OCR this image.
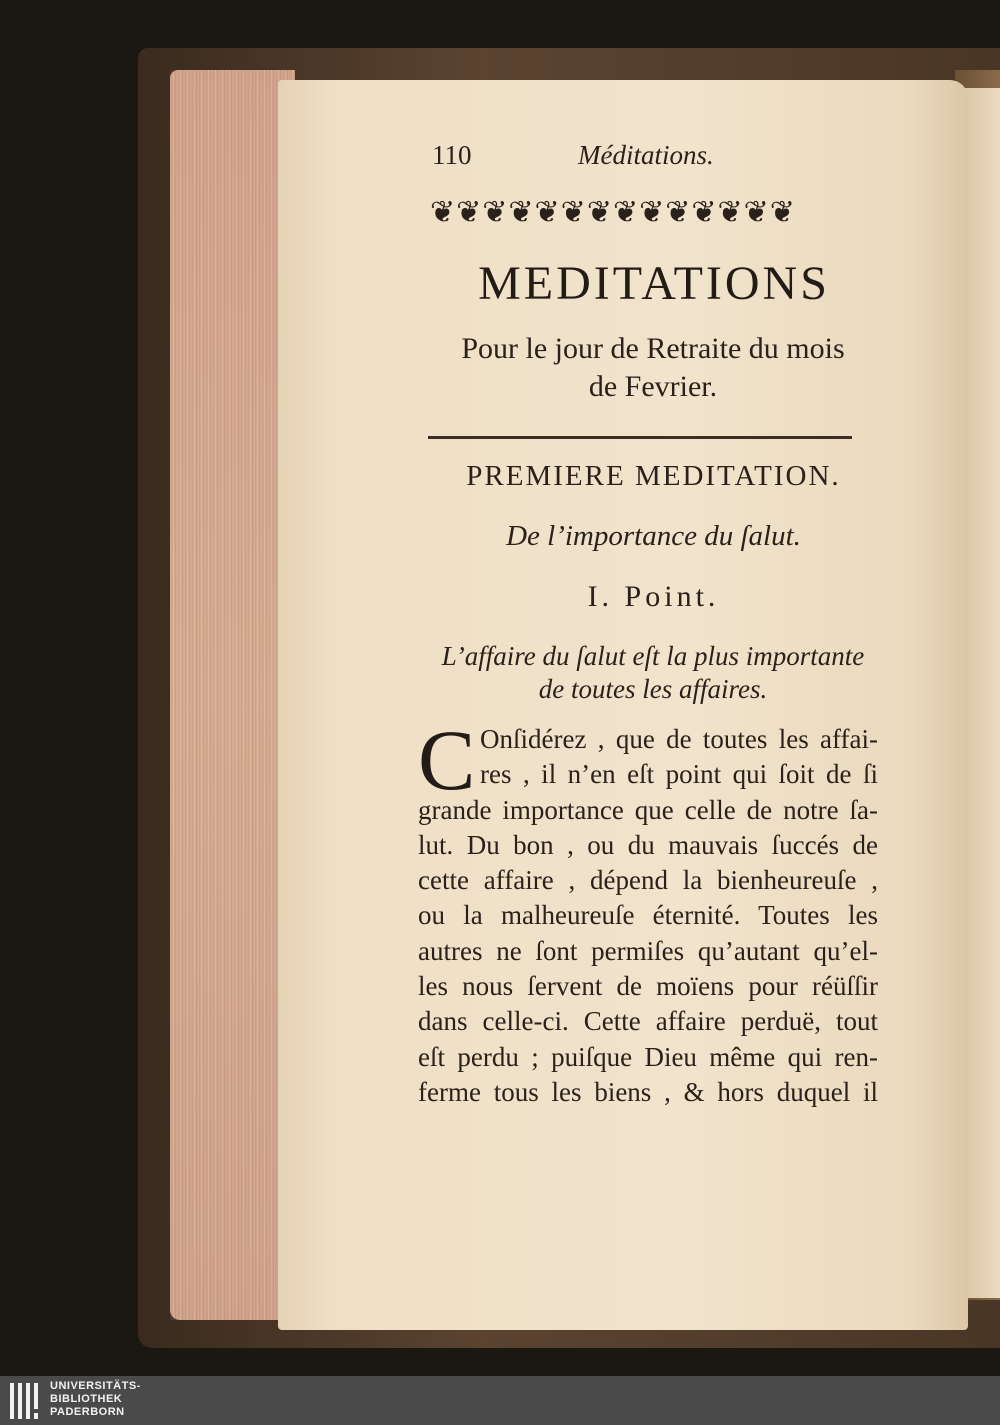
110	Méditations.
❦❦❦❦❦❦❦❦❦❦❦❦❦❦
MEDITATIONS
Pour le jour de Retraite du mois
de Fevrier.
PREMIERE MEDITATION.
De l’importance du ſalut.
I. Point.
L’affaire du ſalut eſt la plus importante
de toutes les affaires.
C Onſidérez , que de toutes les affai-
res , il n’en eſt point qui ſoit de ſi
grande importance que celle de notre ſa-
lut. Du bon , ou du mauvais ſuccés de
cette affaire , dépend la bienheureuſe ,
ou la malheureuſe éternité. Toutes les
autres ne ſont permiſes qu’autant qu’el-
les nous ſervent de moïens pour réüſſir
dans celle-ci. Cette affaire perduë, tout
eſt perdu ; puiſque Dieu même qui ren-
ferme tous les biens , & hors duquel il
UNIVERSITÄTS-
BIBLIOTHEK
PADERBORN
